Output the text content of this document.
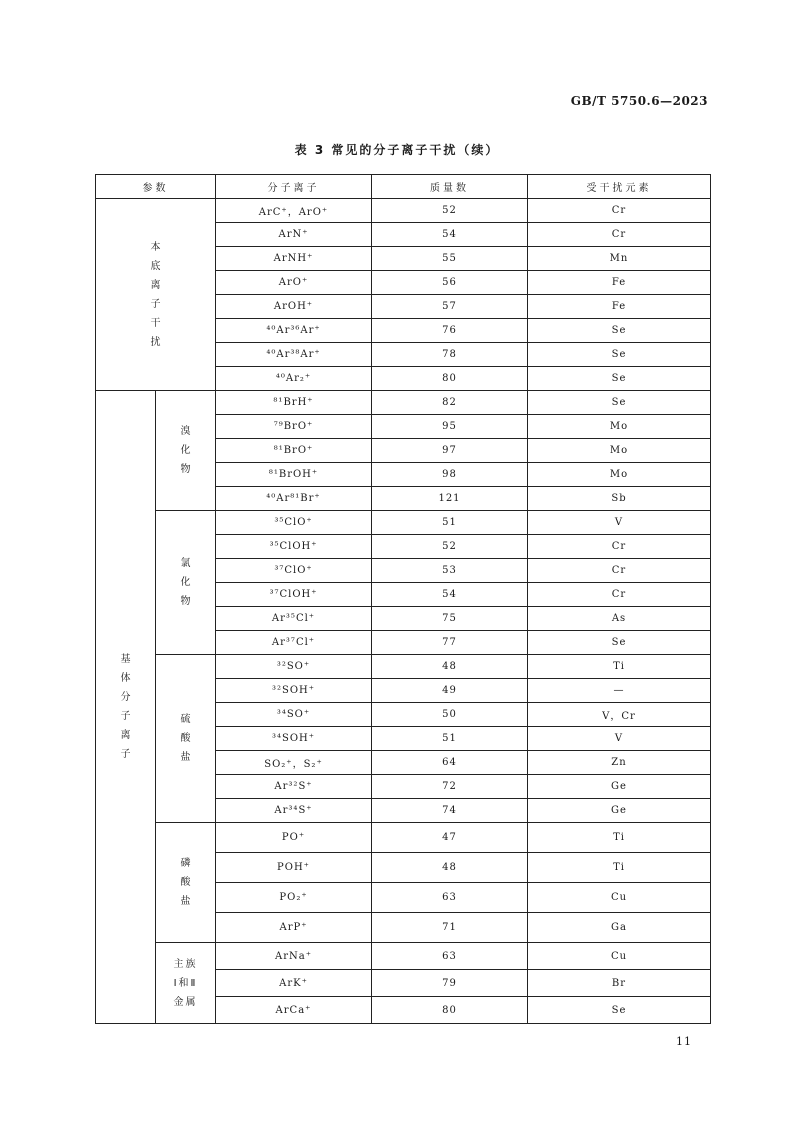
GB/T 5750.6—2023
表 3 常见的分子离子干扰（续）
参数		分子离子	质量数	受干扰元素
本底离子干扰		ArC⁺，ArO⁺	52	Cr
		ArN⁺	54	Cr
		ArNH⁺	55	Mn
		ArO⁺	56	Fe
		ArOH⁺	57	Fe
		⁴⁰Ar³⁶Ar⁺	76	Se
		⁴⁰Ar³⁸Ar⁺	78	Se
		⁴⁰Ar₂⁺	80	Se
基体分子离子	溴化物	⁸¹BrH⁺	82	Se
		⁷⁹BrO⁺	95	Mo
		⁸¹BrO⁺	97	Mo
		⁸¹BrOH⁺	98	Mo
		⁴⁰Ar⁸¹Br⁺	121	Sb
	氯化物	³⁵ClO⁺	51	V
		³⁵ClOH⁺	52	Cr
		³⁷ClO⁺	53	Cr
		³⁷ClOH⁺	54	Cr
		Ar³⁵Cl⁺	75	As
		Ar³⁷Cl⁺	77	Se
	硫酸盐	³²SO⁺	48	Ti
		³²SOH⁺	49	—
		³⁴SO⁺	50	V，Cr
		³⁴SOH⁺	51	V
		SO₂⁺，S₂⁺	64	Zn
		Ar³²S⁺	72	Ge
		Ar³⁴S⁺	74	Ge
	磷酸盐	PO⁺	47	Ti
		POH⁺	48	Ti
		PO₂⁺	63	Cu
		ArP⁺	71	Ga
	主族
Ⅰ和Ⅱ
金属	ArNa⁺	63	Cu
		ArK⁺	79	Br
		ArCa⁺	80	Se
11
